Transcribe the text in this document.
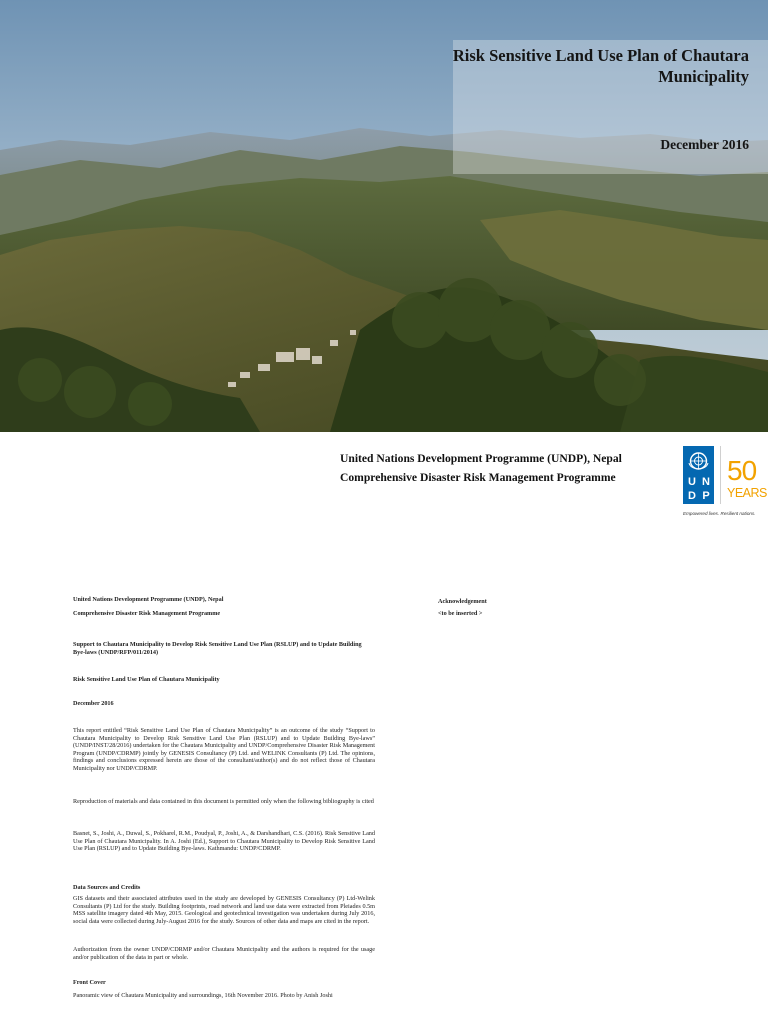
Risk Sensitive Land Use Plan of Chautara Municipality
December 2016
United Nations Development Programme (UNDP), Nepal
Comprehensive Disaster Risk Management Programme	U N
D P
50
YEARS
Empowered lives. Resilient nations.
United Nations Development Programme (UNDP), Nepal
Comprehensive Disaster Risk Management Programme

Support to Chautara Municipality to Develop Risk Sensitive Land Use Plan (RSLUP) and to Update Building Bye-laws (UNDP/RFP/011/2014)

Risk Sensitive Land Use Plan of Chautara Municipality
December 2016

This report entitled “Risk Sensitive Land Use Plan of Chautara Municipality” is an outcome of the study “Support to Chautara Municipality to Develop Risk Sensitive Land Use Plan (RSLUP) and to Update Building Bye-laws” (UNDP/INST/28/2016) undertaken for the Chautara Municipality and UNDP/Comprehensive Disaster Risk Management Program (UNDP/CDRMP) jointly by GENESIS Consultancy (P) Ltd. and WELINK Consultants (P) Ltd. The opinions, findings and conclusions expressed herein are those of the consultant/author(s) and do not reflect those of Chautara Municipality nor UNDP/CDRMP.

Reproduction of materials and data contained in this document is permitted only when the following bibliography is cited

Basnet, S., Joshi, A., Duwal, S., Pokharel, R.M., Poudyal, P., Joshi, A., & Darshandhari, C.S. (2016). Risk Sensitive Land Use Plan of Chautara Municipality. In A. Joshi (Ed.), Support to Chautara Municipality to Develop Risk Sensitive Land Use Plan (RSLUP) and to Update Building Bye-laws. Kathmandu: UNDP/CDRMP.

Data Sources and Credits

GIS datasets and their associated attributes used in the study are developed by GENESIS Consultancy (P) Ltd-Welink Consultants (P) Ltd for the study. Building footprints, road network and land use data were extracted from Pleiades 0.5m MSS satellite imagery dated 4th May, 2015. Geological and geotechnical investigation was undertaken during July 2016, social data were collected during July-August 2016 for the study. Sources of other data and maps are cited in the report.

Authorization from the owner UNDP/CDRMP and/or Chautara Municipality and the authors is required for the usage and/or publication of the data in part or whole.

Front Cover

Panoramic view of Chautara Municipality and surroundings, 16th November 2016. Photo by Anish Joshi

Acknowledgement
<to be inserted >
